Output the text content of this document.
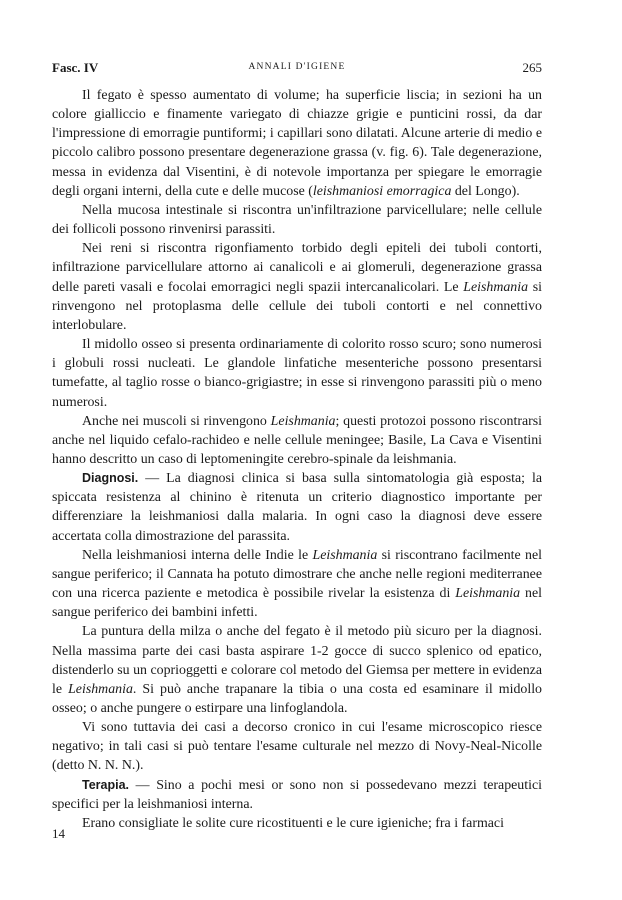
Fasc. IV	ANNALI D'IGIENE	265

Il fegato è spesso aumentato di volume; ha superficie liscia; in sezioni ha un colore gialliccio e finamente variegato di chiazze grigie e punticini rossi, da dar l'impressione di emorragie puntiformi; i capillari sono dilatati. Alcune arterie di medio e piccolo calibro possono presentare degenerazione grassa (v. fig. 6). Tale degenerazione, messa in evidenza dal Visentini, è di notevole importanza per spiegare le emorragie degli organi interni, della cute e delle mucose (leishmaniosi emorragica del Longo).

Nella mucosa intestinale si riscontra un'infiltrazione parvicellulare; nelle cellule dei follicoli possono rinvenirsi parassiti.

Nei reni si riscontra rigonfiamento torbido degli epiteli dei tuboli contorti, infiltrazione parvicellulare attorno ai canalicoli e ai glomeruli, degenerazione grassa delle pareti vasali e focolai emorragici negli spazii intercanalicolari. Le Leishmania si rinvengono nel protoplasma delle cellule dei tuboli contorti e nel connettivo interlobulare.

Il midollo osseo si presenta ordinariamente di colorito rosso scuro; sono numerosi i globuli rossi nucleati. Le glandole linfatiche mesenteriche possono presentarsi tumefatte, al taglio rosse o bianco-grigiastre; in esse si rinvengono parassiti più o meno numerosi.

Anche nei muscoli si rinvengono Leishmania; questi protozoi possono riscontrarsi anche nel liquido cefalo-rachideo e nelle cellule meningee; Basile, La Cava e Visentini hanno descritto un caso di leptomeningite cerebro-spinale da leishmania.

Diagnosi. — La diagnosi clinica si basa sulla sintomatologia già esposta; la spiccata resistenza al chinino è ritenuta un criterio diagnostico importante per differenziare la leishmaniosi dalla malaria. In ogni caso la diagnosi deve essere accertata colla dimostrazione del parassita.

Nella leishmaniosi interna delle Indie le Leishmania si riscontrano facilmente nel sangue periferico; il Cannata ha potuto dimostrare che anche nelle regioni mediterranee con una ricerca paziente e metodica è possibile rivelar la esistenza di Leishmania nel sangue periferico dei bambini infetti.

La puntura della milza o anche del fegato è il metodo più sicuro per la diagnosi. Nella massima parte dei casi basta aspirare 1-2 gocce di succo splenico od epatico, distenderlo su un coprioggetti e colorare col metodo del Giemsa per mettere in evidenza le Leishmania. Si può anche trapanare la tibia o una costa ed esaminare il midollo osseo; o anche pungere o estirpare una linfoglandola.

Vi sono tuttavia dei casi a decorso cronico in cui l'esame microscopico riesce negativo; in tali casi si può tentare l'esame culturale nel mezzo di Novy-Neal-Nicolle (detto N. N. N.).

Terapia. — Sino a pochi mesi or sono non si possedevano mezzi terapeutici specifici per la leishmaniosi interna.

Erano consigliate le solite cure ricostituenti e le cure igieniche; fra i farmaci

14
